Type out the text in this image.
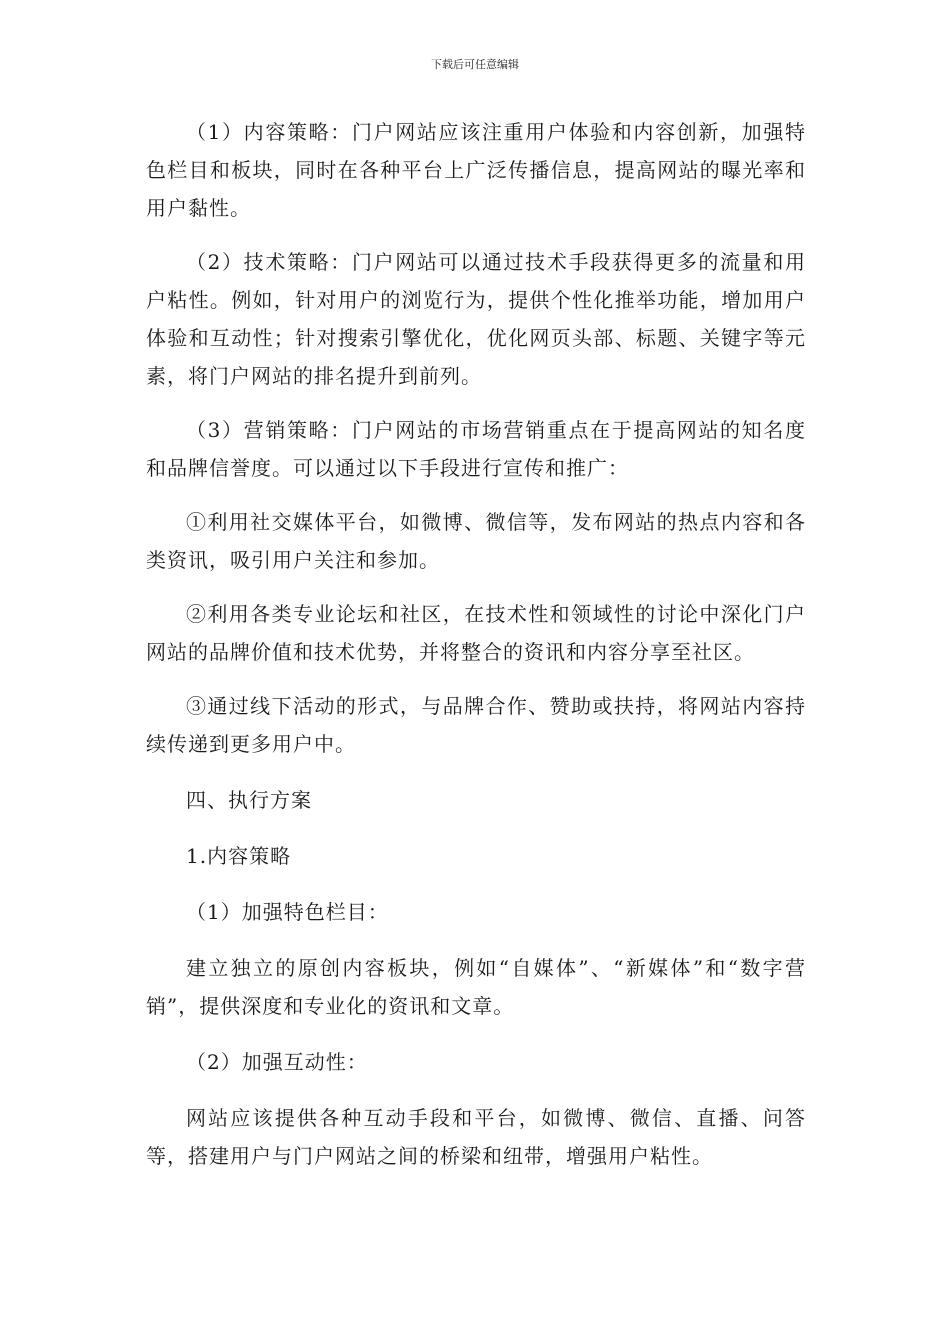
下载后可任意编辑

（1）内容策略：门户网站应该注重用户体验和内容创新，加强特色栏目和板块，同时在各种平台上广泛传播信息，提高网站的曝光率和用户黏性。

（2）技术策略：门户网站可以通过技术手段获得更多的流量和用户粘性。例如，针对用户的浏览行为，提供个性化推举功能，增加用户体验和互动性；针对搜索引擎优化，优化网页头部、标题、关键字等元素，将门户网站的排名提升到前列。

（3）营销策略：门户网站的市场营销重点在于提高网站的知名度和品牌信誉度。可以通过以下手段进行宣传和推广：

①利用社交媒体平台，如微博、微信等，发布网站的热点内容和各类资讯，吸引用户关注和参加。

②利用各类专业论坛和社区，在技术性和领域性的讨论中深化门户网站的品牌价值和技术优势，并将整合的资讯和内容分享至社区。

③通过线下活动的形式，与品牌合作、赞助或扶持，将网站内容持续传递到更多用户中。

四、执行方案

1.内容策略

（1）加强特色栏目：

建立独立的原创内容板块，例如“自媒体”、“新媒体”和“数字营销”，提供深度和专业化的资讯和文章。

（2）加强互动性：

网站应该提供各种互动手段和平台，如微博、微信、直播、问答等，搭建用户与门户网站之间的桥梁和纽带，增强用户粘性。
